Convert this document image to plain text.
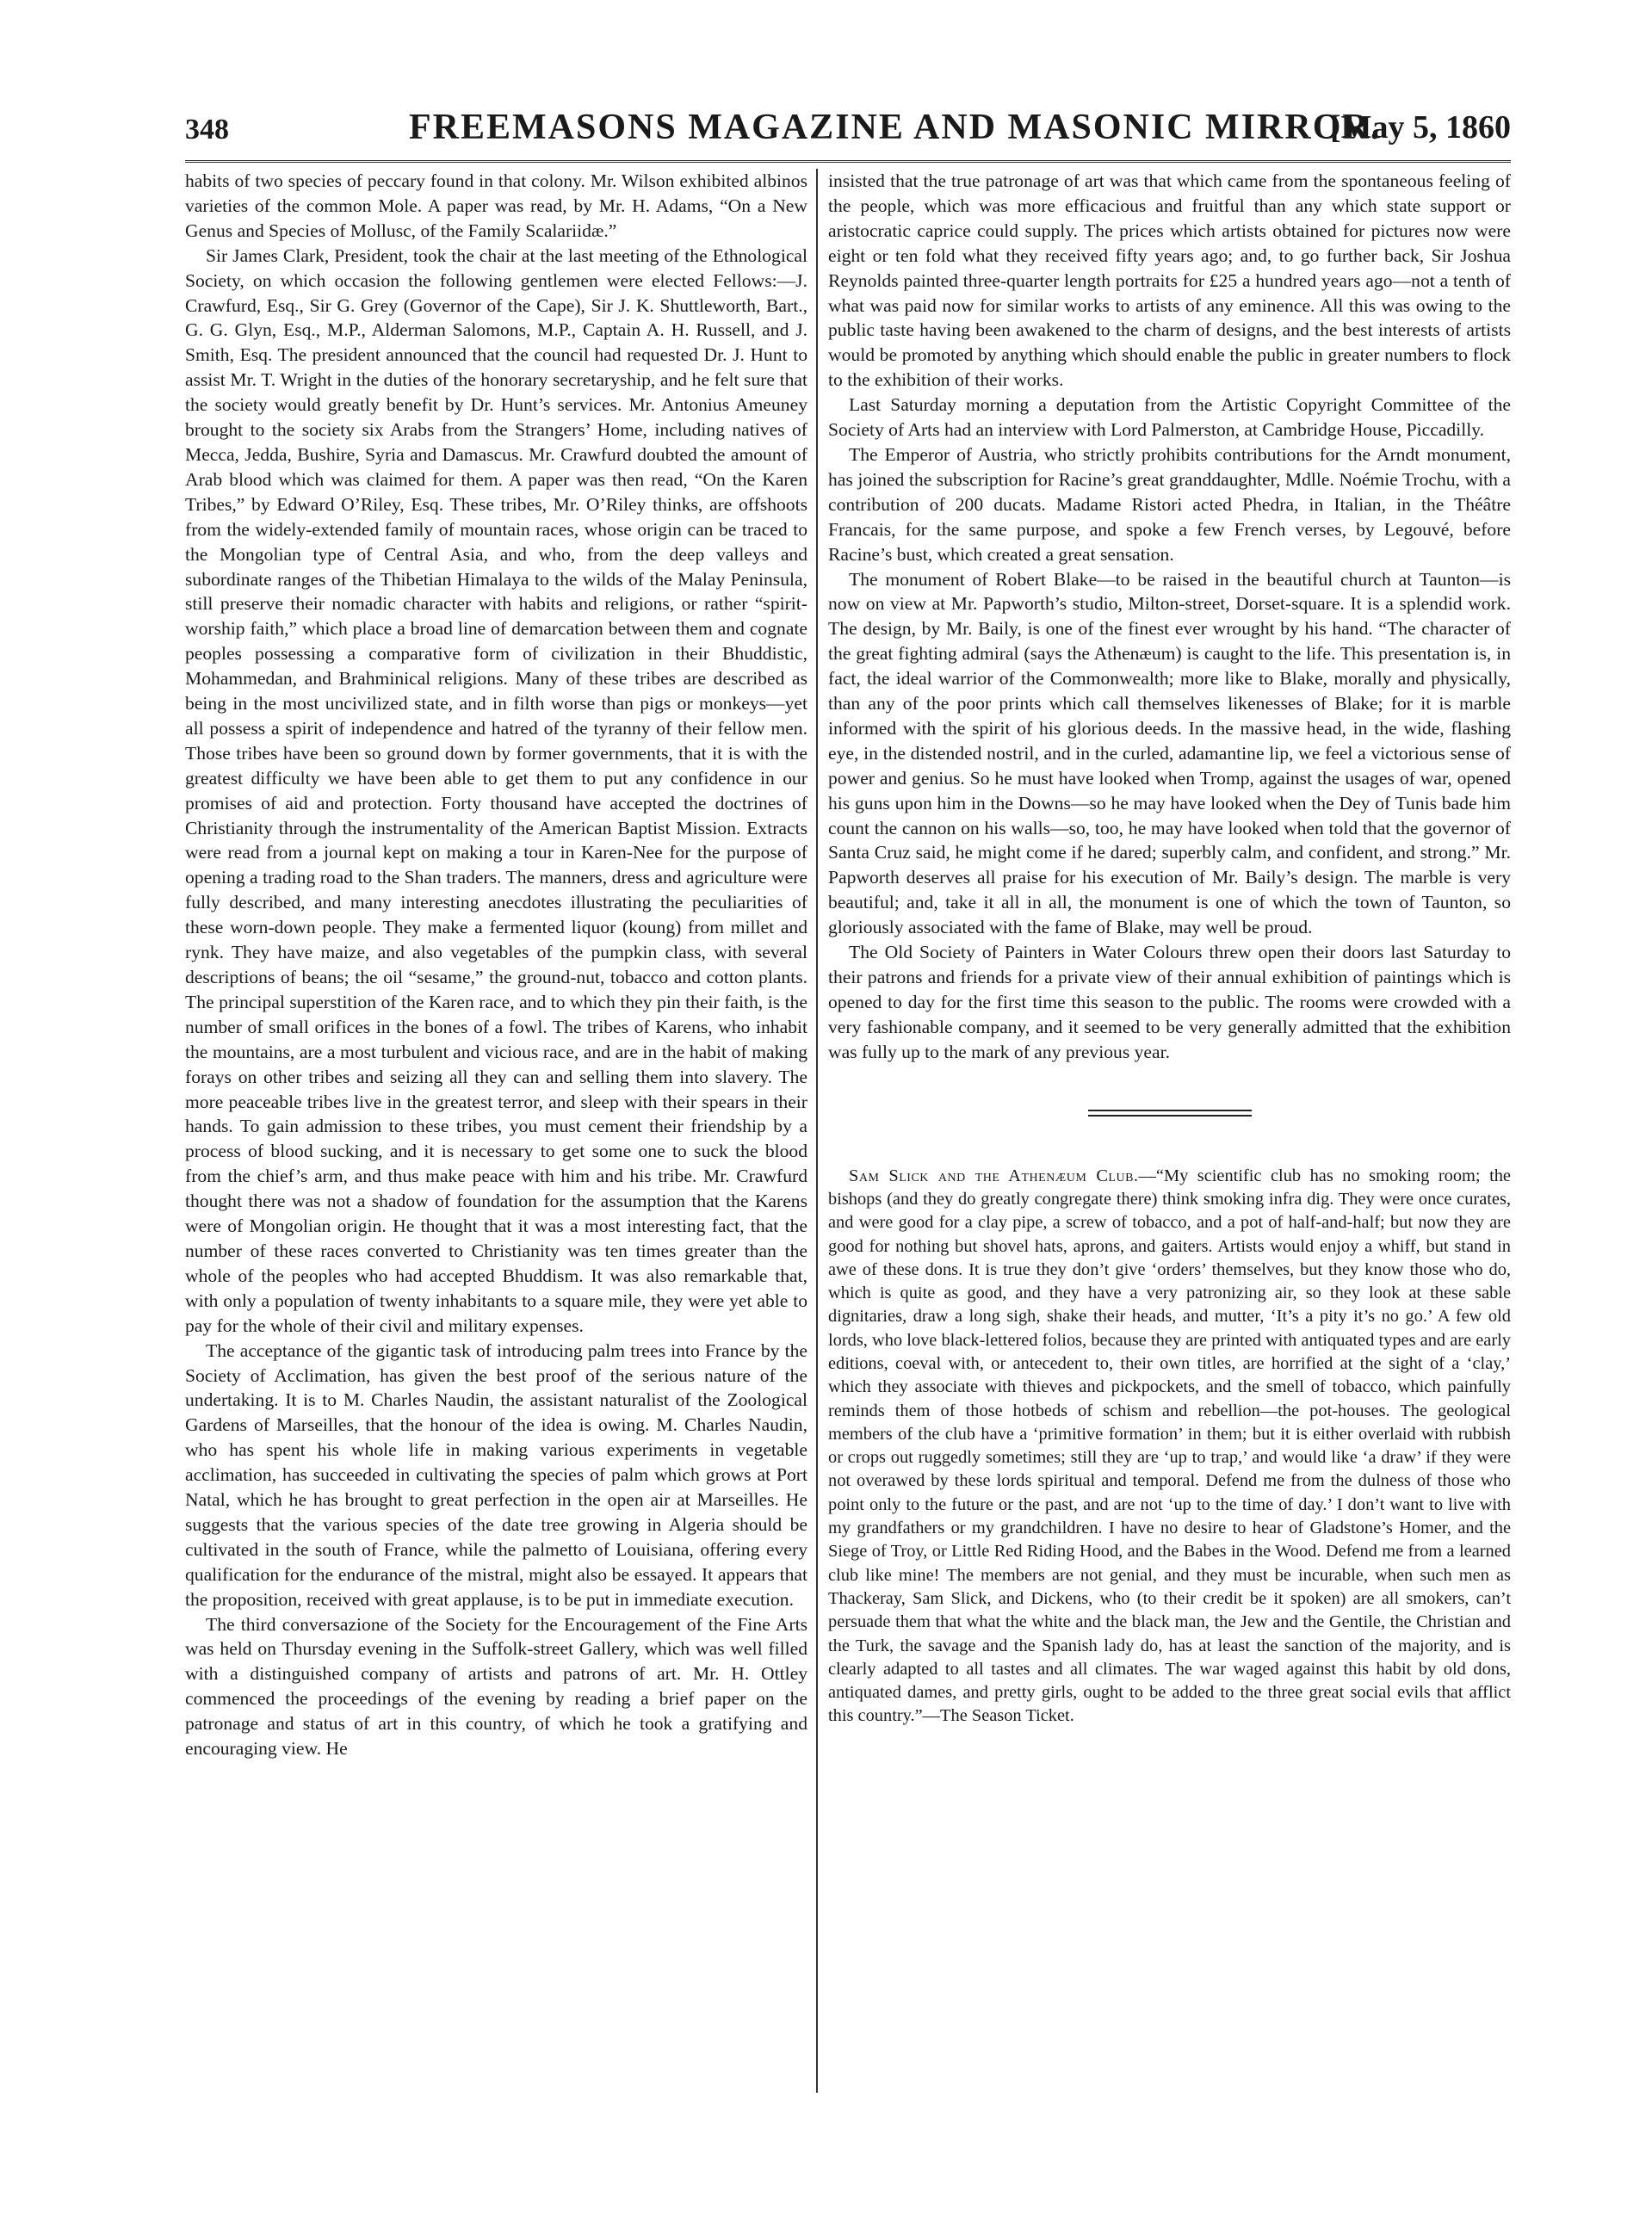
348	FREEMASONS MAGAZINE AND MASONIC MIRROR.
[May 5, 1860

habits of two species of peccary found in that colony. Mr. Wilson exhibited albinos varieties of the common Mole. A paper was read, by Mr. H. Adams, “On a New Genus and Species of Mollusc, of the Family Scalariidæ.”

Sir James Clark, President, took the chair at the last meeting of the Ethnological Society, on which occasion the following gentlemen were elected Fellows:—J. Crawfurd, Esq., Sir G. Grey (Governor of the Cape), Sir J. K. Shuttleworth, Bart., G. G. Glyn, Esq., M.P., Alderman Salomons, M.P., Captain A. H. Russell, and J. Smith, Esq. The president announced that the council had requested Dr. J. Hunt to assist Mr. T. Wright in the duties of the honorary secretaryship, and he felt sure that the society would greatly benefit by Dr. Hunt’s services. Mr. Antonius Ameuney brought to the society six Arabs from the Strangers’ Home, including natives of Mecca, Jedda, Bushire, Syria and Damascus. Mr. Crawfurd doubted the amount of Arab blood which was claimed for them. A paper was then read, “On the Karen Tribes,” by Edward O’Riley, Esq. These tribes, Mr. O’Riley thinks, are offshoots from the widely-extended family of mountain races, whose origin can be traced to the Mongolian type of Central Asia, and who, from the deep valleys and subordinate ranges of the Thibetian Himalaya to the wilds of the Malay Peninsula, still preserve their nomadic character with habits and religions, or rather “spirit-worship faith,” which place a broad line of demarcation between them and cognate peoples possessing a comparative form of civilization in their Bhuddistic, Mohammedan, and Brahminical religions. Many of these tribes are described as being in the most uncivilized state, and in filth worse than pigs or monkeys—yet all possess a spirit of independence and hatred of the tyranny of their fellow men. Those tribes have been so ground down by former governments, that it is with the greatest difficulty we have been able to get them to put any confidence in our promises of aid and protection. Forty thousand have accepted the doctrines of Christianity through the instrumentality of the American Baptist Mission. Extracts were read from a journal kept on making a tour in Karen-Nee for the purpose of opening a trading road to the Shan traders. The manners, dress and agriculture were fully described, and many interesting anecdotes illustrating the peculiarities of these worn-down people. They make a fermented liquor (koung) from millet and rynk. They have maize, and also vegetables of the pumpkin class, with several descriptions of beans; the oil “sesame,” the ground-nut, tobacco and cotton plants. The principal superstition of the Karen race, and to which they pin their faith, is the number of small orifices in the bones of a fowl. The tribes of Karens, who inhabit the mountains, are a most turbulent and vicious race, and are in the habit of making forays on other tribes and seizing all they can and selling them into slavery. The more peaceable tribes live in the greatest terror, and sleep with their spears in their hands. To gain admission to these tribes, you must cement their friendship by a process of blood sucking, and it is necessary to get some one to suck the blood from the chief’s arm, and thus make peace with him and his tribe. Mr. Crawfurd thought there was not a shadow of foundation for the assumption that the Karens were of Mongolian origin. He thought that it was a most interesting fact, that the number of these races converted to Christianity was ten times greater than the whole of the peoples who had accepted Bhuddism. It was also remarkable that, with only a population of twenty inhabitants to a square mile, they were yet able to pay for the whole of their civil and military expenses.

The acceptance of the gigantic task of introducing palm trees into France by the Society of Acclimation, has given the best proof of the serious nature of the undertaking. It is to M. Charles Naudin, the assistant naturalist of the Zoological Gardens of Marseilles, that the honour of the idea is owing. M. Charles Naudin, who has spent his whole life in making various experiments in vegetable acclimation, has succeeded in cultivating the species of palm which grows at Port Natal, which he has brought to great perfection in the open air at Marseilles. He suggests that the various species of the date tree growing in Algeria should be cultivated in the south of France, while the palmetto of Louisiana, offering every qualification for the endurance of the mistral, might also be essayed. It appears that the proposition, received with great applause, is to be put in immediate execution.

The third conversazione of the Society for the Encouragement of the Fine Arts was held on Thursday evening in the Suffolk-street Gallery, which was well filled with a distinguished company of artists and patrons of art. Mr. H. Ottley commenced the proceedings of the evening by reading a brief paper on the patronage and status of art in this country, of which he took a gratifying and encouraging view. He

insisted that the true patronage of art was that which came from the spontaneous feeling of the people, which was more efficacious and fruitful than any which state support or aristocratic caprice could supply. The prices which artists obtained for pictures now were eight or ten fold what they received fifty years ago; and, to go further back, Sir Joshua Reynolds painted three-quarter length portraits for £25 a hundred years ago—not a tenth of what was paid now for similar works to artists of any eminence. All this was owing to the public taste having been awakened to the charm of designs, and the best interests of artists would be promoted by anything which should enable the public in greater numbers to flock to the exhibition of their works.

Last Saturday morning a deputation from the Artistic Copyright Committee of the Society of Arts had an interview with Lord Palmerston, at Cambridge House, Piccadilly.

The Emperor of Austria, who strictly prohibits contributions for the Arndt monument, has joined the subscription for Racine’s great granddaughter, Mdlle. Noémie Trochu, with a contribution of 200 ducats. Madame Ristori acted Phedra, in Italian, in the Théâtre Francais, for the same purpose, and spoke a few French verses, by Legouvé, before Racine’s bust, which created a great sensation.

The monument of Robert Blake—to be raised in the beautiful church at Taunton—is now on view at Mr. Papworth’s studio, Milton-street, Dorset-square. It is a splendid work. The design, by Mr. Baily, is one of the finest ever wrought by his hand. “The character of the great fighting admiral (says the Athenæum) is caught to the life. This presentation is, in fact, the ideal warrior of the Commonwealth; more like to Blake, morally and physically, than any of the poor prints which call themselves likenesses of Blake; for it is marble informed with the spirit of his glorious deeds. In the massive head, in the wide, flashing eye, in the distended nostril, and in the curled, adamantine lip, we feel a victorious sense of power and genius. So he must have looked when Tromp, against the usages of war, opened his guns upon him in the Downs—so he may have looked when the Dey of Tunis bade him count the cannon on his walls—so, too, he may have looked when told that the governor of Santa Cruz said, he might come if he dared; superbly calm, and confident, and strong.” Mr. Papworth deserves all praise for his execution of Mr. Baily’s design. The marble is very beautiful; and, take it all in all, the monument is one of which the town of Taunton, so gloriously associated with the fame of Blake, may well be proud.

The Old Society of Painters in Water Colours threw open their doors last Saturday to their patrons and friends for a private view of their annual exhibition of paintings which is opened to day for the first time this season to the public. The rooms were crowded with a very fashionable company, and it seemed to be very generally admitted that the exhibition was fully up to the mark of any previous year.

Sam Slick and the Athenæum Club.—“My scientific club has no smoking room; the bishops (and they do greatly congregate there) think smoking infra dig. They were once curates, and were good for a clay pipe, a screw of tobacco, and a pot of half-and-half; but now they are good for nothing but shovel hats, aprons, and gaiters. Artists would enjoy a whiff, but stand in awe of these dons. It is true they don’t give ‘orders’ themselves, but they know those who do, which is quite as good, and they have a very patronizing air, so they look at these sable dignitaries, draw a long sigh, shake their heads, and mutter, ‘It’s a pity it’s no go.’ A few old lords, who love black-lettered folios, because they are printed with antiquated types and are early editions, coeval with, or antecedent to, their own titles, are horrified at the sight of a ‘clay,’ which they associate with thieves and pickpockets, and the smell of tobacco, which painfully reminds them of those hotbeds of schism and rebellion—the pot-houses. The geological members of the club have a ‘primitive formation’ in them; but it is either overlaid with rubbish or crops out ruggedly sometimes; still they are ‘up to trap,’ and would like ‘a draw’ if they were not overawed by these lords spiritual and temporal. Defend me from the dulness of those who point only to the future or the past, and are not ‘up to the time of day.’ I don’t want to live with my grandfathers or my grandchildren. I have no desire to hear of Gladstone’s Homer, and the Siege of Troy, or Little Red Riding Hood, and the Babes in the Wood. Defend me from a learned club like mine! The members are not genial, and they must be incurable, when such men as Thackeray, Sam Slick, and Dickens, who (to their credit be it spoken) are all smokers, can’t persuade them that what the white and the black man, the Jew and the Gentile, the Christian and the Turk, the savage and the Spanish lady do, has at least the sanction of the majority, and is clearly adapted to all tastes and all climates. The war waged against this habit by old dons, antiquated dames, and pretty girls, ought to be added to the three great social evils that afflict this country.”—The Season Ticket.
